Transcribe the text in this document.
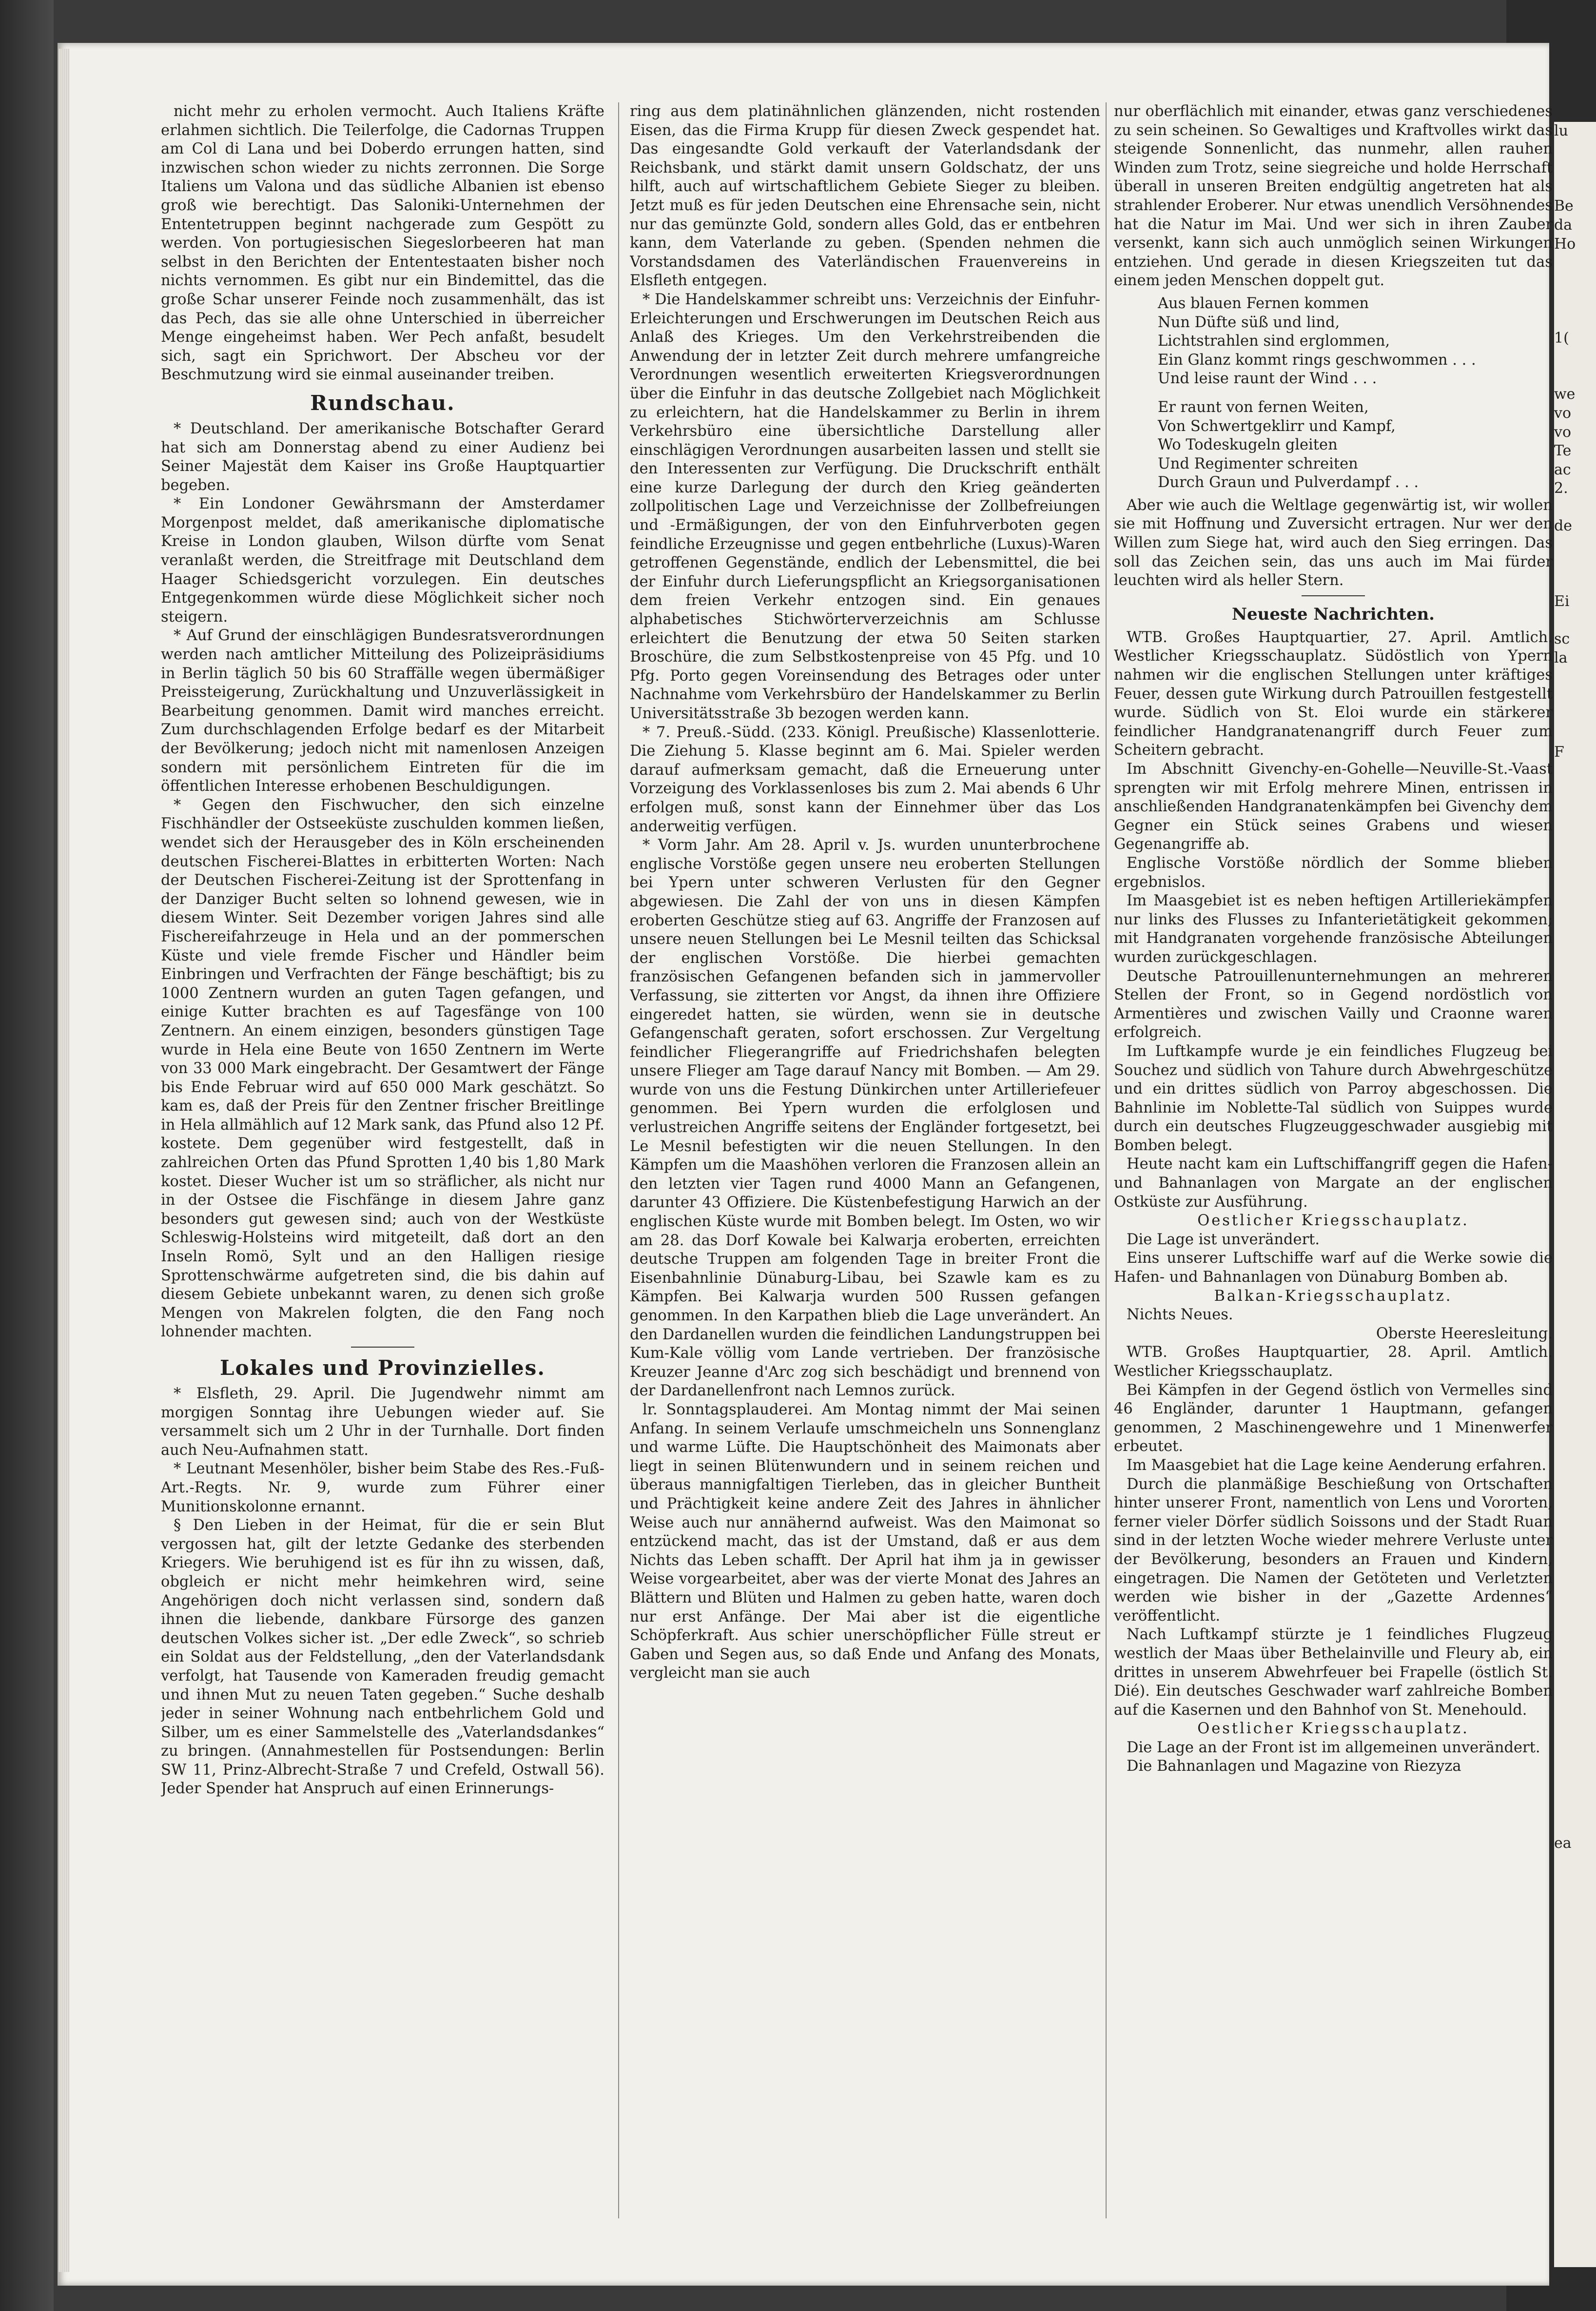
nicht mehr zu erholen vermocht. Auch Italiens Kräfte erlahmen sichtlich. Die Teilerfolge, die Cadornas Truppen am Col di Lana und bei Doberdo errungen hatten, sind inzwischen schon wieder zu nichts zerronnen. Die Sorge Italiens um Valona und das südliche Albanien ist ebenso groß wie berechtigt. Das Saloniki-Unternehmen der Ententetruppen beginnt nachgerade zum Gespött zu werden. Von portugiesischen Siegeslorbeeren hat man selbst in den Berichten der Ententestaaten bisher noch nichts vernommen. Es gibt nur ein Bindemittel, das die große Schar unserer Feinde noch zusammenhält, das ist das Pech, das sie alle ohne Unterschied in überreicher Menge eingeheimst haben. Wer Pech anfaßt, besudelt sich, sagt ein Sprichwort. Der Abscheu vor der Beschmutzung wird sie einmal auseinander treiben.

Rundschau.

* Deutschland. Der amerikanische Botschafter Gerard hat sich am Donnerstag abend zu einer Audienz bei Seiner Majestät dem Kaiser ins Große Hauptquartier begeben.

* Ein Londoner Gewährsmann der Amsterdamer Morgenpost meldet, daß amerikanische diplomatische Kreise in London glauben, Wilson dürfte vom Senat veranlaßt werden, die Streitfrage mit Deutschland dem Haager Schiedsgericht vorzulegen. Ein deutsches Entgegenkommen würde diese Möglichkeit sicher noch steigern.

* Auf Grund der einschlägigen Bundesratsverordnungen werden nach amtlicher Mitteilung des Polizeipräsidiums in Berlin täglich 50 bis 60 Straffälle wegen übermäßiger Preissteigerung, Zurückhaltung und Unzuverlässigkeit in Bearbeitung genommen. Damit wird manches erreicht. Zum durchschlagenden Erfolge bedarf es der Mitarbeit der Bevölkerung; jedoch nicht mit namenlosen Anzeigen sondern mit persönlichem Eintreten für die im öffentlichen Interesse erhobenen Beschuldigungen.

* Gegen den Fischwucher, den sich einzelne Fischhändler der Ostseeküste zuschulden kommen ließen, wendet sich der Herausgeber des in Köln erscheinenden deutschen Fischerei-Blattes in erbitterten Worten: Nach der Deutschen Fischerei-Zeitung ist der Sprottenfang in der Danziger Bucht selten so lohnend gewesen, wie in diesem Winter. Seit Dezember vorigen Jahres sind alle Fischereifahrzeuge in Hela und an der pommerschen Küste und viele fremde Fischer und Händler beim Einbringen und Verfrachten der Fänge beschäftigt; bis zu 1000 Zentnern wurden an guten Tagen gefangen, und einige Kutter brachten es auf Tagesfänge von 100 Zentnern. An einem einzigen, besonders günstigen Tage wurde in Hela eine Beute von 1650 Zentnern im Werte von 33 000 Mark eingebracht. Der Gesamtwert der Fänge bis Ende Februar wird auf 650 000 Mark geschätzt. So kam es, daß der Preis für den Zentner frischer Breitlinge in Hela allmählich auf 12 Mark sank, das Pfund also 12 Pf. kostete. Dem gegenüber wird festgestellt, daß in zahlreichen Orten das Pfund Sprotten 1,40 bis 1,80 Mark kostet. Dieser Wucher ist um so sträflicher, als nicht nur in der Ostsee die Fischfänge in diesem Jahre ganz besonders gut gewesen sind; auch von der Westküste Schleswig-Holsteins wird mitgeteilt, daß dort an den Inseln Romö, Sylt und an den Halligen riesige Sprottenschwärme aufgetreten sind, die bis dahin auf diesem Gebiete unbekannt waren, zu denen sich große Mengen von Makrelen folgten, die den Fang noch lohnender machten.

Lokales und Provinzielles.

* Elsfleth, 29. April. Die Jugendwehr nimmt am morgigen Sonntag ihre Uebungen wieder auf. Sie versammelt sich um 2 Uhr in der Turnhalle. Dort finden auch Neu-Aufnahmen statt.

* Leutnant Mesenhöler, bisher beim Stabe des Res.-Fuß-Art.-Regts. Nr. 9, wurde zum Führer einer Munitionskolonne ernannt.

§ Den Lieben in der Heimat, für die er sein Blut vergossen hat, gilt der letzte Gedanke des sterbenden Kriegers. Wie beruhigend ist es für ihn zu wissen, daß, obgleich er nicht mehr heimkehren wird, seine Angehörigen doch nicht verlassen sind, sondern daß ihnen die liebende, dankbare Fürsorge des ganzen deutschen Volkes sicher ist. „Der edle Zweck“, so schrieb ein Soldat aus der Feldstellung, „den der Vaterlandsdank verfolgt, hat Tausende von Kameraden freudig gemacht und ihnen Mut zu neuen Taten gegeben.“ Suche deshalb jeder in seiner Wohnung nach entbehrlichem Gold und Silber, um es einer Sammelstelle des „Vaterlandsdankes“ zu bringen. (Annahmestellen für Postsendungen: Berlin SW 11, Prinz-Albrecht-Straße 7 und Crefeld, Ostwall 56). Jeder Spender hat Anspruch auf einen Erinnerungs-

ring aus dem platinähnlichen glänzenden, nicht rostenden Eisen, das die Firma Krupp für diesen Zweck gespendet hat. Das eingesandte Gold verkauft der Vaterlandsdank der Reichsbank, und stärkt damit unsern Goldschatz, der uns hilft, auch auf wirtschaftlichem Gebiete Sieger zu bleiben. Jetzt muß es für jeden Deutschen eine Ehrensache sein, nicht nur das gemünzte Gold, sondern alles Gold, das er entbehren kann, dem Vaterlande zu geben. (Spenden nehmen die Vorstandsdamen des Vaterländischen Frauenvereins in Elsfleth entgegen.

* Die Handelskammer schreibt uns: Verzeichnis der Einfuhr-Erleichterungen und Erschwerungen im Deutschen Reich aus Anlaß des Krieges. Um den Verkehrstreibenden die Anwendung der in letzter Zeit durch mehrere umfangreiche Verordnungen wesentlich erweiterten Kriegsverordnungen über die Einfuhr in das deutsche Zollgebiet nach Möglichkeit zu erleichtern, hat die Handelskammer zu Berlin in ihrem Verkehrsbüro eine übersichtliche Darstellung aller einschlägigen Verordnungen ausarbeiten lassen und stellt sie den Interessenten zur Verfügung. Die Druckschrift enthält eine kurze Darlegung der durch den Krieg geänderten zollpolitischen Lage und Verzeichnisse der Zollbefreiungen und -Ermäßigungen, der von den Einfuhrverboten gegen feindliche Erzeugnisse und gegen entbehrliche (Luxus)-Waren getroffenen Gegenstände, endlich der Lebensmittel, die bei der Einfuhr durch Lieferungspflicht an Kriegsorganisationen dem freien Verkehr entzogen sind. Ein genaues alphabetisches Stichwörterverzeichnis am Schlusse erleichtert die Benutzung der etwa 50 Seiten starken Broschüre, die zum Selbstkostenpreise von 45 Pfg. und 10 Pfg. Porto gegen Voreinsendung des Betrages oder unter Nachnahme vom Verkehrsbüro der Handelskammer zu Berlin Universitätsstraße 3b bezogen werden kann.

* 7. Preuß.-Südd. (233. Königl. Preußische) Klassenlotterie. Die Ziehung 5. Klasse beginnt am 6. Mai. Spieler werden darauf aufmerksam gemacht, daß die Erneuerung unter Vorzeigung des Vorklassenloses bis zum 2. Mai abends 6 Uhr erfolgen muß, sonst kann der Einnehmer über das Los anderweitig verfügen.

* Vorm Jahr. Am 28. April v. Js. wurden ununterbrochene englische Vorstöße gegen unsere neu eroberten Stellungen bei Ypern unter schweren Verlusten für den Gegner abgewiesen. Die Zahl der von uns in diesen Kämpfen eroberten Geschütze stieg auf 63. Angriffe der Franzosen auf unsere neuen Stellungen bei Le Mesnil teilten das Schicksal der englischen Vorstöße. Die hierbei gemachten französischen Gefangenen befanden sich in jammervoller Verfassung, sie zitterten vor Angst, da ihnen ihre Offiziere eingeredet hatten, sie würden, wenn sie in deutsche Gefangenschaft geraten, sofort erschossen. Zur Vergeltung feindlicher Fliegerangriffe auf Friedrichshafen belegten unsere Flieger am Tage darauf Nancy mit Bomben. — Am 29. wurde von uns die Festung Dünkirchen unter Artilleriefeuer genommen. Bei Ypern wurden die erfolglosen und verlustreichen Angriffe seitens der Engländer fortgesetzt, bei Le Mesnil befestigten wir die neuen Stellungen. In den Kämpfen um die Maashöhen verloren die Franzosen allein an den letzten vier Tagen rund 4000 Mann an Gefangenen, darunter 43 Offiziere. Die Küstenbefestigung Harwich an der englischen Küste wurde mit Bomben belegt. Im Osten, wo wir am 28. das Dorf Kowale bei Kalwarja eroberten, erreichten deutsche Truppen am folgenden Tage in breiter Front die Eisenbahnlinie Dünaburg-Libau, bei Szawle kam es zu Kämpfen. Bei Kalwarja wurden 500 Russen gefangen genommen. In den Karpathen blieb die Lage unverändert. An den Dardanellen wurden die feindlichen Landungstruppen bei Kum-Kale völlig vom Lande vertrieben. Der französische Kreuzer Jeanne d'Arc zog sich beschädigt und brennend von der Dardanellenfront nach Lemnos zurück.

lr. Sonntagsplauderei. Am Montag nimmt der Mai seinen Anfang. In seinem Verlaufe umschmeicheln uns Sonnenglanz und warme Lüfte. Die Hauptschönheit des Maimonats aber liegt in seinen Blütenwundern und in seinem reichen und überaus mannigfaltigen Tierleben, das in gleicher Buntheit und Prächtigkeit keine andere Zeit des Jahres in ähnlicher Weise auch nur annähernd aufweist. Was den Maimonat so entzückend macht, das ist der Umstand, daß er aus dem Nichts das Leben schafft. Der April hat ihm ja in gewisser Weise vorgearbeitet, aber was der vierte Monat des Jahres an Blättern und Blüten und Halmen zu geben hatte, waren doch nur erst Anfänge. Der Mai aber ist die eigentliche Schöpferkraft. Aus schier unerschöpflicher Fülle streut er Gaben und Segen aus, so daß Ende und Anfang des Monats, vergleicht man sie auch

nur oberflächlich mit einander, etwas ganz verschiedenes zu sein scheinen. So Gewaltiges und Kraftvolles wirkt das steigende Sonnenlicht, das nunmehr, allen rauhen Winden zum Trotz, seine siegreiche und holde Herrschaft überall in unseren Breiten endgültig angetreten hat als strahlender Eroberer. Nur etwas unendlich Versöhnendes hat die Natur im Mai. Und wer sich in ihren Zauber versenkt, kann sich auch unmöglich seinen Wirkungen entziehen. Und gerade in diesen Kriegszeiten tut das einem jeden Menschen doppelt gut.

Aus blauen Fernen kommen
Nun Düfte süß und lind,
Lichtstrahlen sind erglommen,
Ein Glanz kommt rings geschwommen . . .
Und leise raunt der Wind . . .
Er raunt von fernen Weiten,
Von Schwertgeklirr und Kampf,
Wo Todeskugeln gleiten
Und Regimenter schreiten
Durch Graun und Pulverdampf . . .

Aber wie auch die Weltlage gegenwärtig ist, wir wollen sie mit Hoffnung und Zuversicht ertragen. Nur wer den Willen zum Siege hat, wird auch den Sieg erringen. Das soll das Zeichen sein, das uns auch im Mai fürder leuchten wird als heller Stern.

Neueste Nachrichten.

WTB. Großes Hauptquartier, 27. April. Amtlich. Westlicher Kriegsschauplatz. Südöstlich von Ypern nahmen wir die englischen Stellungen unter kräftiges Feuer, dessen gute Wirkung durch Patrouillen festgestellt wurde. Südlich von St. Eloi wurde ein stärkerer feindlicher Handgranatenangriff durch Feuer zum Scheitern gebracht.

Im Abschnitt Givenchy-en-Gohelle—Neuville-St.-Vaast sprengten wir mit Erfolg mehrere Minen, entrissen in anschließenden Handgranatenkämpfen bei Givenchy dem Gegner ein Stück seines Grabens und wiesen Gegenangriffe ab.

Englische Vorstöße nördlich der Somme blieben ergebnislos.

Im Maasgebiet ist es neben heftigen Artilleriekämpfen nur links des Flusses zu Infanterietätigkeit gekommen; mit Handgranaten vorgehende französische Abteilungen wurden zurückgeschlagen.

Deutsche Patrouillenunternehmungen an mehreren Stellen der Front, so in Gegend nordöstlich von Armentières und zwischen Vailly und Craonne waren erfolgreich.

Im Luftkampfe wurde je ein feindliches Flugzeug bei Souchez und südlich von Tahure durch Abwehrgeschütze und ein drittes südlich von Parroy abgeschossen. Die Bahnlinie im Noblette-Tal südlich von Suippes wurde durch ein deutsches Flugzeuggeschwader ausgiebig mit Bomben belegt.

Heute nacht kam ein Luftschiffangriff gegen die Hafen- und Bahnanlagen von Margate an der englischen Ostküste zur Ausführung.

Oestlicher Kriegsschauplatz.

Die Lage ist unverändert.

Eins unserer Luftschiffe warf auf die Werke sowie die Hafen- und Bahnanlagen von Dünaburg Bomben ab.

Balkan-Kriegsschauplatz.

Nichts Neues.

Oberste Heeresleitung.

WTB. Großes Hauptquartier, 28. April. Amtlich. Westlicher Kriegsschauplatz.

Bei Kämpfen in der Gegend östlich von Vermelles sind 46 Engländer, darunter 1 Hauptmann, gefangen genommen, 2 Maschinengewehre und 1 Minenwerfer erbeutet.

Im Maasgebiet hat die Lage keine Aenderung erfahren.

Durch die planmäßige Beschießung von Ortschaften hinter unserer Front, namentlich von Lens und Vororten, ferner vieler Dörfer südlich Soissons und der Stadt Ruan sind in der letzten Woche wieder mehrere Verluste unter der Bevölkerung, besonders an Frauen und Kindern, eingetragen. Die Namen der Getöteten und Verletzten werden wie bisher in der „Gazette Ardennes“ veröffentlicht.

Nach Luftkampf stürzte je 1 feindliches Flugzeug westlich der Maas über Bethelainville und Fleury ab, ein drittes in unserem Abwehrfeuer bei Frapelle (östlich St. Dié). Ein deutsches Geschwader warf zahlreiche Bomben auf die Kasernen und den Bahnhof von St. Menehould.

Oestlicher Kriegsschauplatz.

Die Lage an der Front ist im allgemeinen unverändert.

Die Bahnanlagen und Magazine von Riezyza

lu

Be
da
Ho

1(

we
vo
vo
Te
ac
2.

de

Ei

sc
la

F

ea
